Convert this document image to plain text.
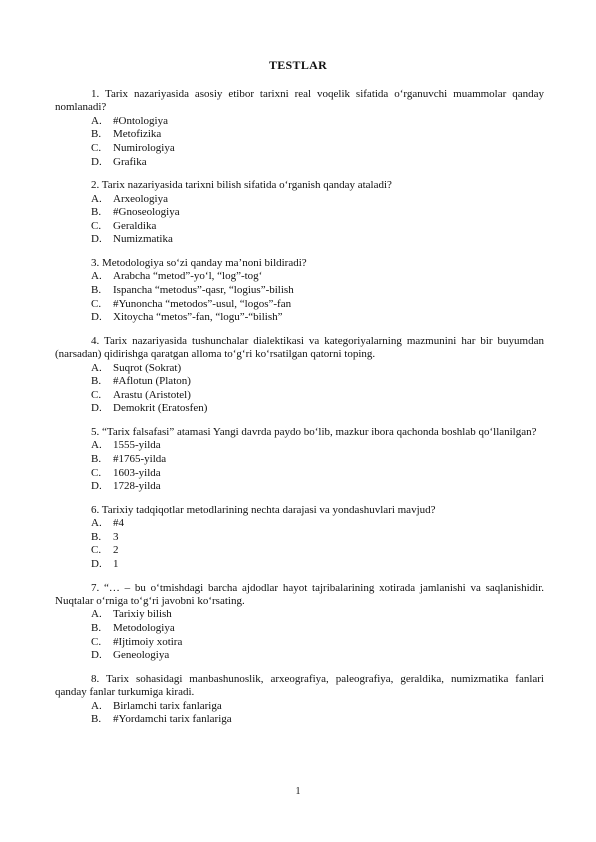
TESTLAR

1. Tarix nazariyasida asosiy etibor tarixni real voqelik sifatida o‘rganuvchi muammolar qanday nomlanadi?

A.	#Ontologiya
B.	Metofizika
C.	Numirologiya
D.	Grafika

2. Tarix nazariyasida tarixni bilish sifatida o‘rganish qanday ataladi?

A.	Arxeologiya
B.	#Gnoseologiya
C.	Geraldika
D.	Numizmatika

3. Metodologiya so‘zi qanday ma’noni bildiradi?

A.	Arabcha “metod”-yo‘l, “log”-tog‘
B.	Ispancha “metodus”-qasr, “logius”-bilish
C.	#Yunoncha “metodos”-usul, “logos”-fan
D.	Xitoycha “metos”-fan, “logu”-“bilish”

4. Tarix nazariyasida tushunchalar dialektikasi va kategoriyalarning mazmunini har bir buyumdan (narsadan) qidirishga qaratgan alloma to‘g‘ri ko‘rsatilgan qatorni toping.

A.	Suqrot (Sokrat)
B.	#Aflotun (Platon)
C.	Arastu (Aristotel)
D.	Demokrit (Eratosfen)

5. “Tarix falsafasi” atamasi Yangi davrda paydo bo‘lib, mazkur ibora qachonda boshlab qo‘llanilgan?

A.	1555-yilda
B.	#1765-yilda
C.	1603-yilda
D.	1728-yilda

6. Tarixiy tadqiqotlar metodlarining nechta darajasi va yondashuvlari mavjud?

A.	#4
B.	3
C.	2
D.	1

7. “… – bu o‘tmishdagi barcha ajdodlar hayot tajribalarining xotirada jamlanishi va saqlanishidir. Nuqtalar o‘rniga to‘g‘ri javobni ko‘rsating.

A.	Tarixiy bilish
B.	Metodologiya
C.	#Ijtimoiy xotira
D.	Geneologiya

8. Tarix sohasidagi manbashunoslik, arxeografiya, paleografiya, geraldika, numizmatika fanlari qanday fanlar turkumiga kiradi.

A.	Birlamchi tarix fanlariga
B.	#Yordamchi tarix fanlariga
1
